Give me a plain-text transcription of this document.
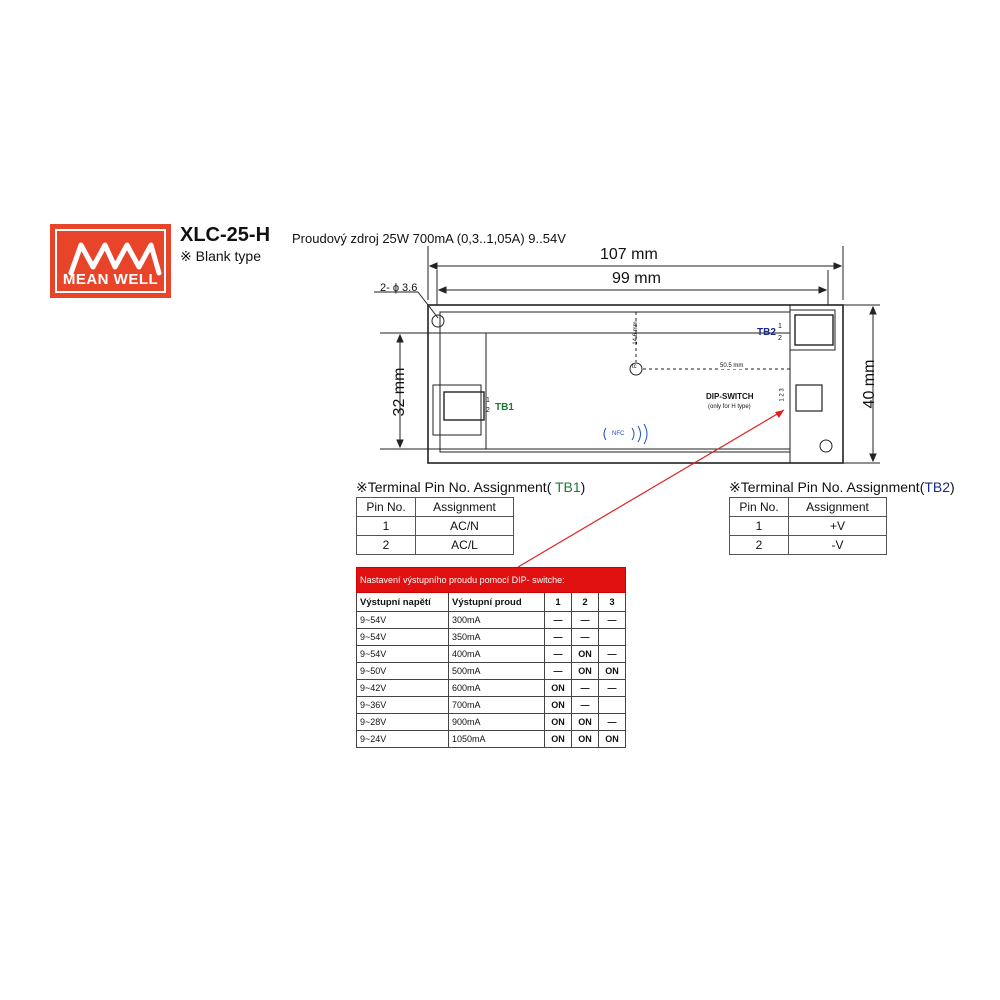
MEAN WELL
XLC-25-H
※ Blank type
Proudový zdroj 25W 700mA (0,3..1,05A) 9..54V
107 mm
99 mm
2- ϕ 3.6
32 mm	40 mm
14.6 mm
50.5 mm
tc
NFC
TB1
1
2
TB2
1
2
DIP-SWITCH
(only for H type)
1 2 3
※Terminal Pin No. Assignment( TB1)
Pin No.	Assignment
1	AC/N
2	AC/L
※Terminal Pin No. Assignment(TB2)
Pin No.	Assignment
1	+V
2	-V
Nastavení výstupního proudu pomocí DIP- switche:				
Výstupní napětí	Výstupní proud	1	2	3
9~54V	300mA	—	—	—
9~54V	350mA	—	—	
9~54V	400mA	—	ON	—
9~50V	500mA	—	ON	ON
9~42V	600mA	ON	—	—
9~36V	700mA	ON	—	
9~28V	900mA	ON	ON	—
9~24V	1050mA	ON	ON	ON
